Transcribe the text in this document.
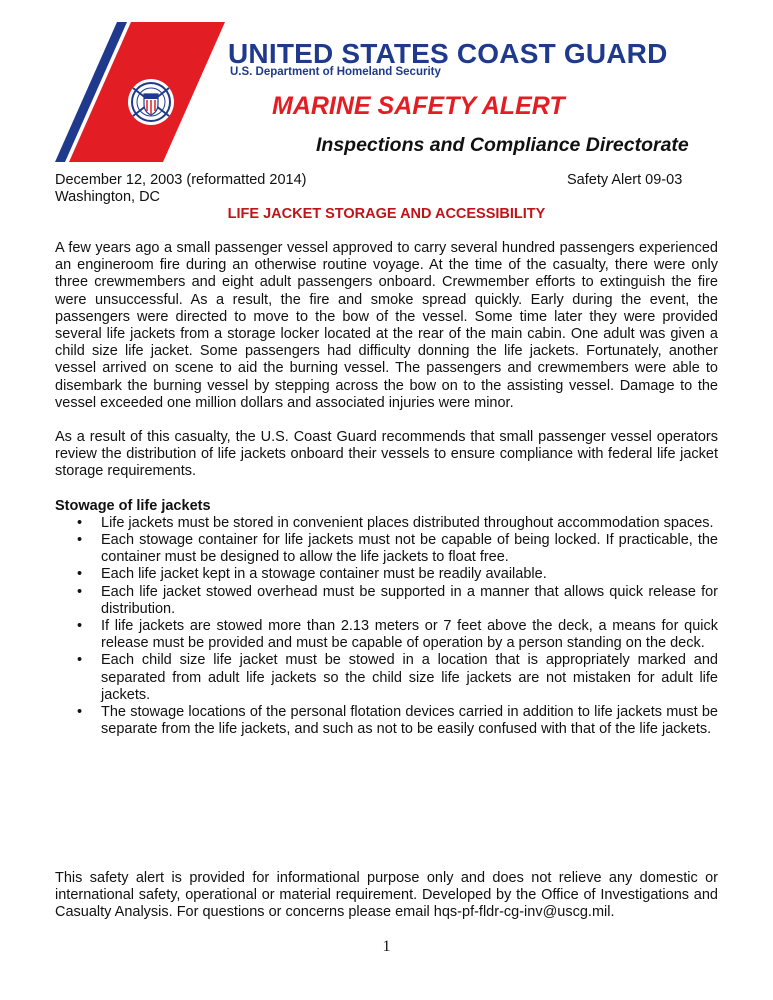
UNITED STATES COAST GUARD
U.S. Department of Homeland Security
MARINE SAFETY ALERT
Inspections and Compliance Directorate
December 12, 2003 (reformatted 2014)
Washington, DC
Safety Alert 09-03
LIFE JACKET STORAGE AND ACCESSIBILITY

A few years ago a small passenger vessel approved to carry several hundred passengers experienced an engineroom fire during an otherwise routine voyage. At the time of the casualty, there were only three crewmembers and eight adult passengers onboard. Crewmember efforts to extinguish the fire were unsuccessful. As a result, the fire and smoke spread quickly. Early during the event, the passengers were directed to move to the bow of the vessel. Some time later they were provided several life jackets from a storage locker located at the rear of the main cabin. One adult was given a child size life jacket. Some passengers had difficulty donning the life jackets. Fortunately, another vessel arrived on scene to aid the burning vessel. The passengers and crewmembers were able to disembark the burning vessel by stepping across the bow on to the assisting vessel. Damage to the vessel exceeded one million dollars and associated injuries were minor.

As a result of this casualty, the U.S. Coast Guard recommends that small passenger vessel operators review the distribution of life jackets onboard their vessels to ensure compliance with federal life jacket storage requirements.

Stowage of life jackets

• Life jackets must be stored in convenient places distributed throughout accommodation spaces.
• Each stowage container for life jackets must not be capable of being locked. If practicable, the container must be designed to allow the life jackets to float free.
• Each life jacket kept in a stowage container must be readily available.
• Each life jacket stowed overhead must be supported in a manner that allows quick release for distribution.
• If life jackets are stowed more than 2.13 meters or 7 feet above the deck, a means for quick release must be provided and must be capable of operation by a person standing on the deck.
• Each child size life jacket must be stowed in a location that is appropriately marked and separated from adult life jackets so the child size life jackets are not mistaken for adult life jackets.
• The stowage locations of the personal flotation devices carried in addition to life jackets must be separate from the life jackets, and such as not to be easily confused with that of the life jackets.

This safety alert is provided for informational purpose only and does not relieve any domestic or international safety, operational or material requirement. Developed by the Office of Investigations and Casualty Analysis. For questions or concerns please email hqs-pf-fldr-cg-inv@uscg.mil.

1
